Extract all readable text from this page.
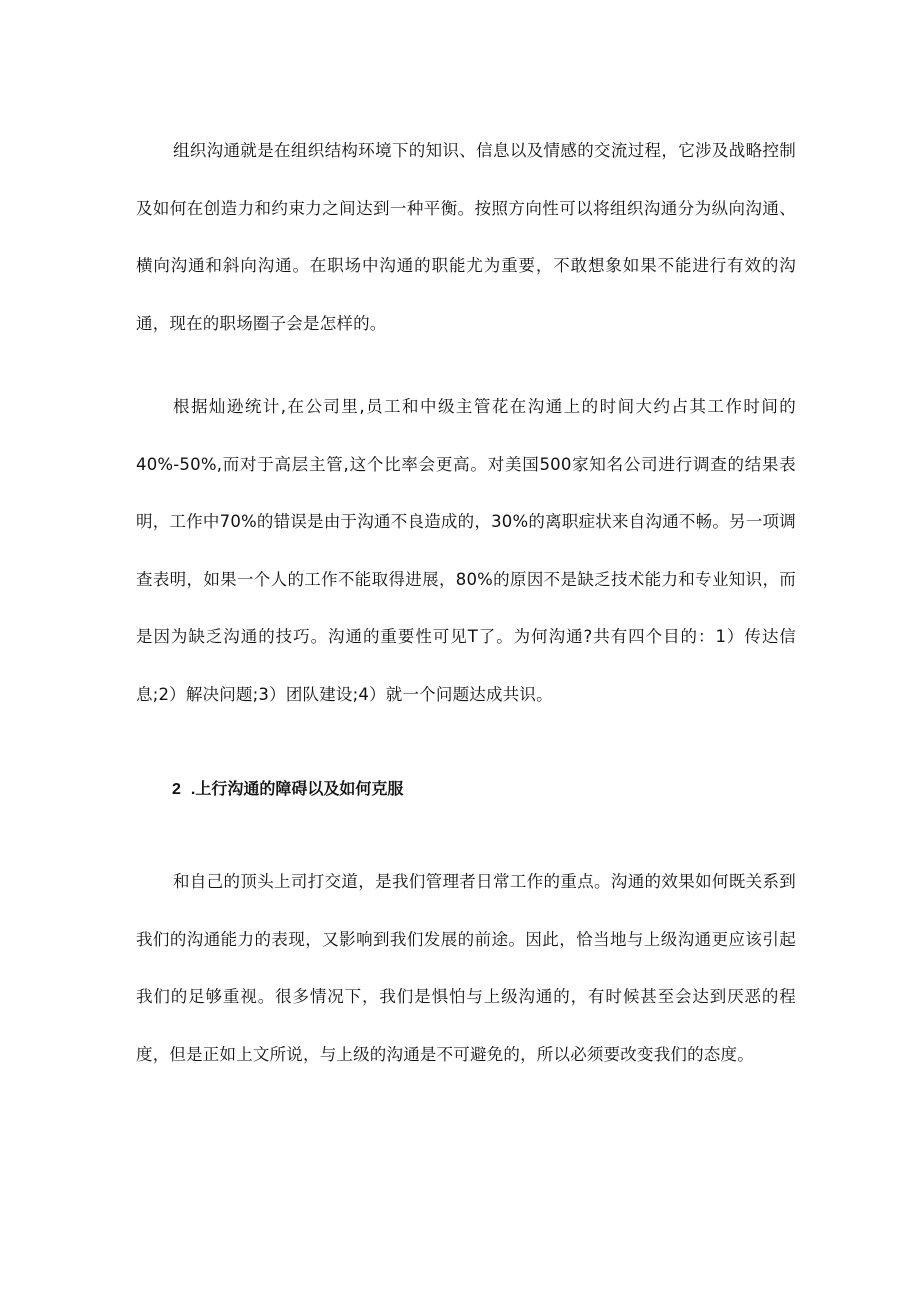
组织沟通就是在组织结构环境下的知识、信息以及情感的交流过程，它涉及战略控制及如何在创造力和约束力之间达到一种平衡。按照方向性可以将组织沟通分为纵向沟通、横向沟通和斜向沟通。在职场中沟通的职能尤为重要，不敢想象如果不能进行有效的沟通，现在的职场圈子会是怎样的。

根据灿逊统计,在公司里,员工和中级主管花在沟通上的时间大约占其工作时间的40%-50%,而对于高层主管,这个比率会更高。对美国500家知名公司进行调查的结果表明，工作中70%的错误是由于沟通不良造成的，30%的离职症状来自沟通不畅。另一项调查表明，如果一个人的工作不能取得进展，80%的原因不是缺乏技术能力和专业知识，而是因为缺乏沟通的技巧。沟通的重要性可见T了。为何沟通?共有四个目的：1）传达信息;2）解决问题;3）团队建设;4）就一个问题达成共识。

2 .上行沟通的障碍以及如何克服

和自己的顶头上司打交道，是我们管理者日常工作的重点。沟通的效果如何既关系到我们的沟通能力的表现，又影响到我们发展的前途。因此，恰当地与上级沟通更应该引起我们的足够重视。很多情况下，我们是惧怕与上级沟通的，有时候甚至会达到厌恶的程度，但是正如上文所说，与上级的沟通是不可避免的，所以必须要改变我们的态度。
